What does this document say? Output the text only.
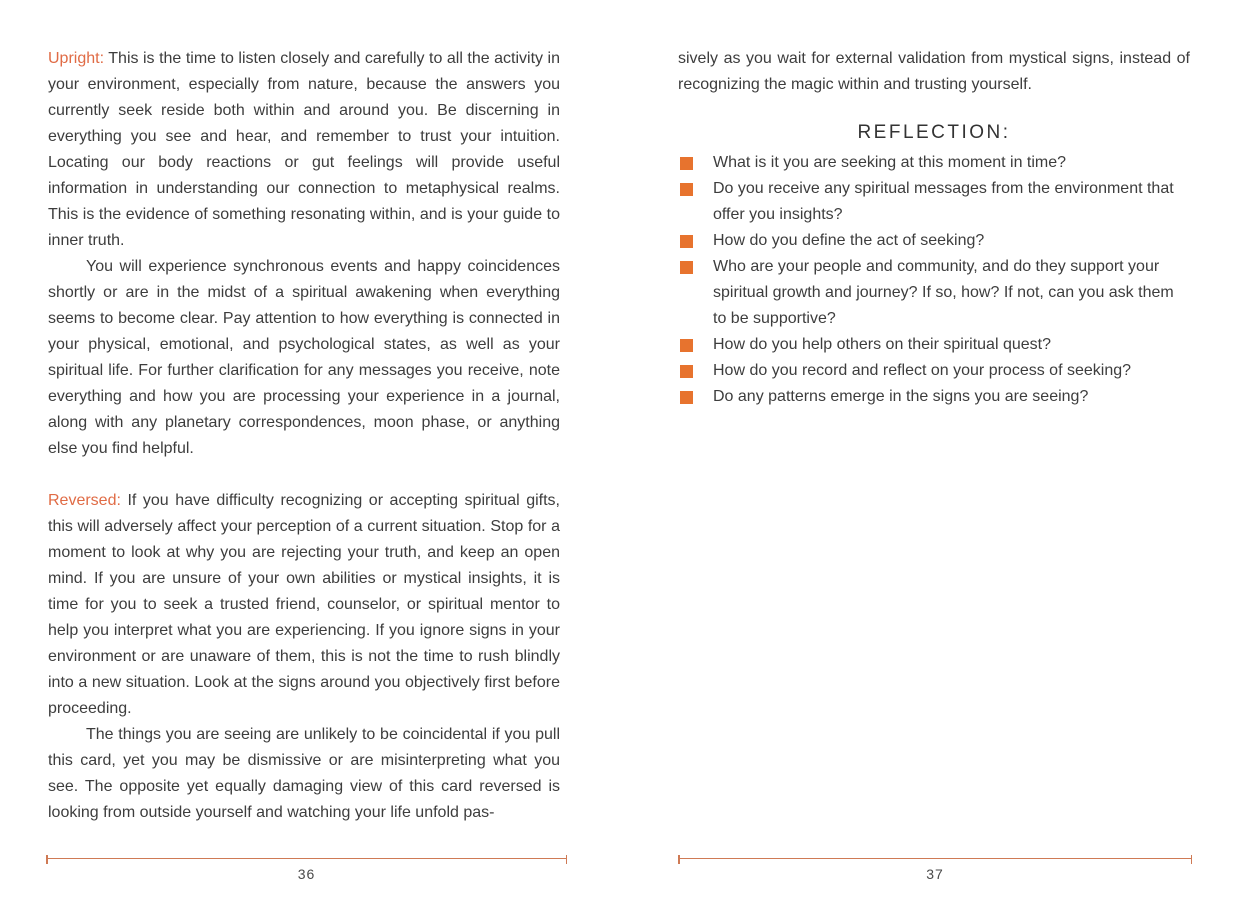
Upright: This is the time to listen closely and carefully to all the activity in your environment, especially from nature, because the answers you currently seek reside both within and around you. Be discerning in everything you see and hear, and remember to trust your intuition. Locating our body reactions or gut feelings will provide useful information in understanding our connection to metaphysical realms. This is the evidence of something resonating within, and is your guide to inner truth.

You will experience synchronous events and happy coincidences shortly or are in the midst of a spiritual awakening when everything seems to become clear. Pay attention to how everything is connected in your physical, emotional, and psychological states, as well as your spiritual life. For further clarification for any messages you receive, note everything and how you are processing your experience in a journal, along with any planetary correspondences, moon phase, or anything else you find helpful.

Reversed: If you have difficulty recognizing or accepting spiritual gifts, this will adversely affect your perception of a current situation. Stop for a moment to look at why you are rejecting your truth, and keep an open mind. If you are unsure of your own abilities or mystical insights, it is time for you to seek a trusted friend, counselor, or spiritual mentor to help you interpret what you are experiencing. If you ignore signs in your environment or are unaware of them, this is not the time to rush blindly into a new situation. Look at the signs around you objectively first before proceeding.

The things you are seeing are unlikely to be coincidental if you pull this card, yet you may be dismissive or are misinterpreting what you see. The opposite yet equally damaging view of this card reversed is looking from outside yourself and watching your life unfold pas-

36

sively as you wait for external validation from mystical signs, instead of recognizing the magic within and trusting yourself.

REFLECTION:
What is it you are seeking at this moment in time?
Do you receive any spiritual messages from the environment that offer you insights?
How do you define the act of seeking?
Who are your people and community, and do they support your spiritual growth and journey? If so, how? If not, can you ask them to be supportive?
How do you help others on their spiritual quest?
How do you record and reflect on your process of seeking?
Do any patterns emerge in the signs you are seeing?
37
